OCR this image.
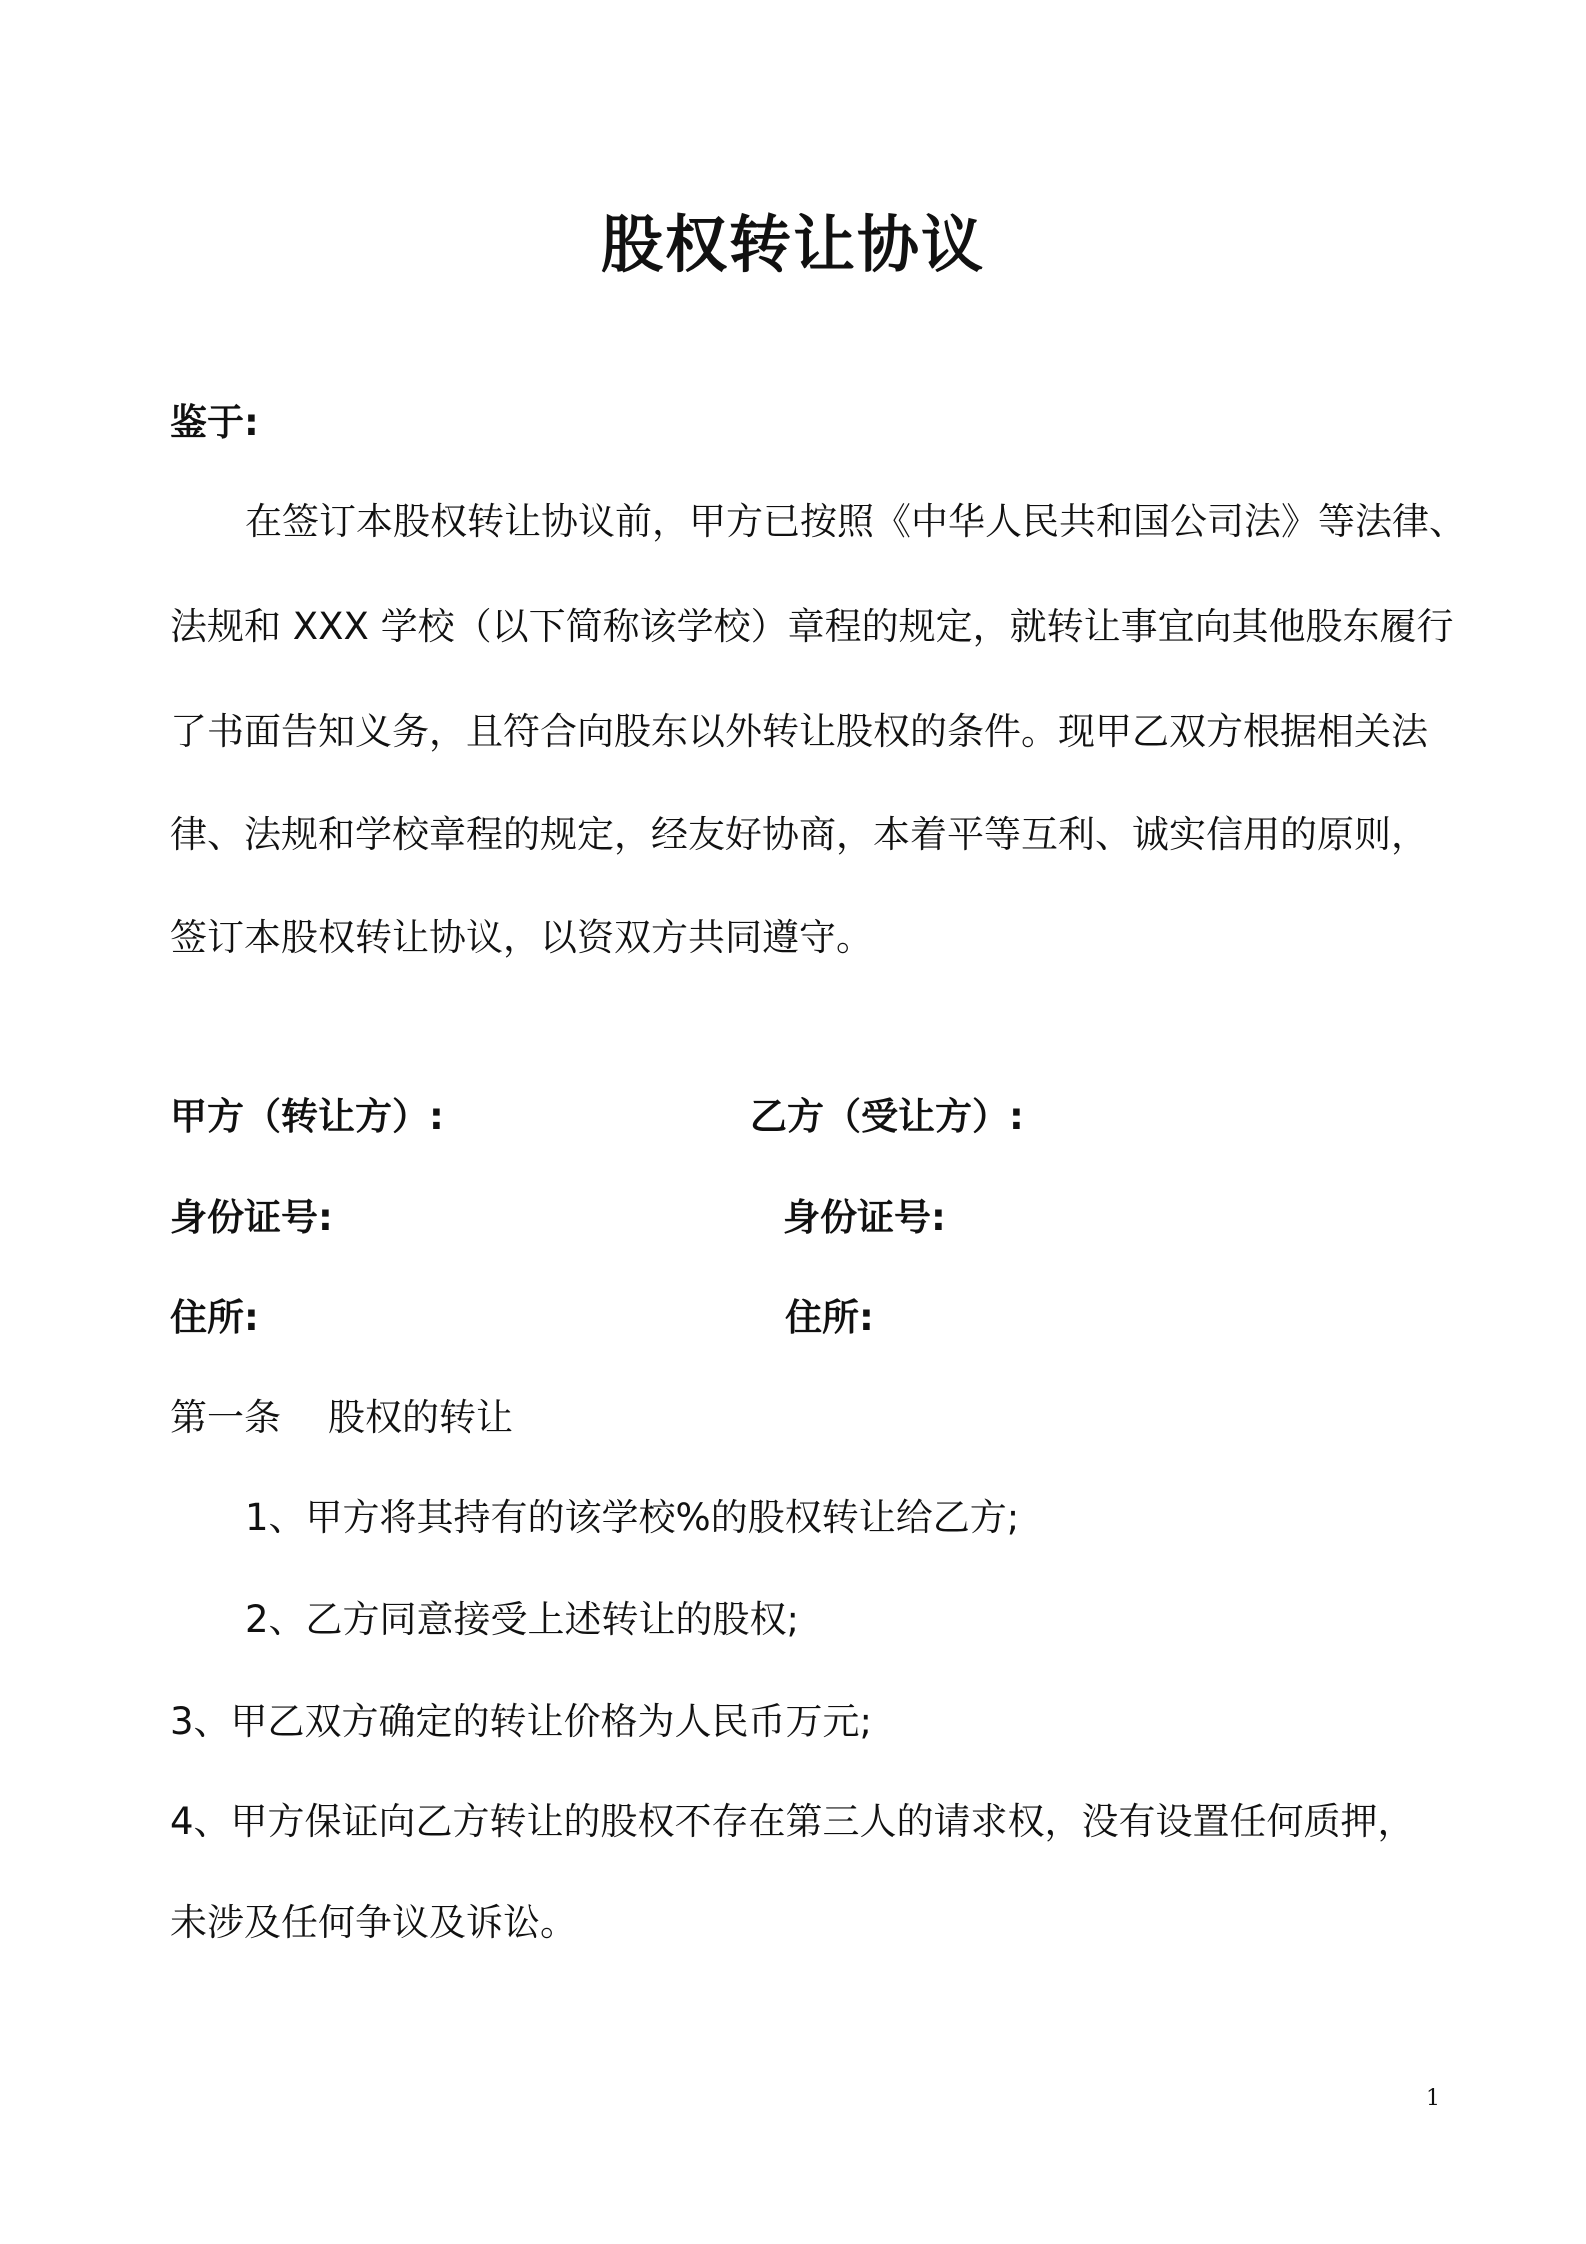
股权转让协议
鉴于:
在签订本股权转让协议前，甲方已按照《中华人民共和国公司法》等法律、
法规和 XXX 学校（以下简称该学校）章程的规定，就转让事宜向其他股东履行
了书面告知义务，且符合向股东以外转让股权的条件。现甲乙双方根据相关法
律、法规和学校章程的规定，经友好协商，本着平等互利、诚实信用的原则，
签订本股权转让协议，以资双方共同遵守。
甲方（转让方）:	乙方（受让方）:
身份证号:	身份证号:
住所:	住所:
第一条    股权的转让
1、甲方将其持有的该学校%的股权转让给乙方;
2、乙方同意接受上述转让的股权;
3、甲乙双方确定的转让价格为人民币万元;
4、甲方保证向乙方转让的股权不存在第三人的请求权，没有设置任何质押，
未涉及任何争议及诉讼。
1
